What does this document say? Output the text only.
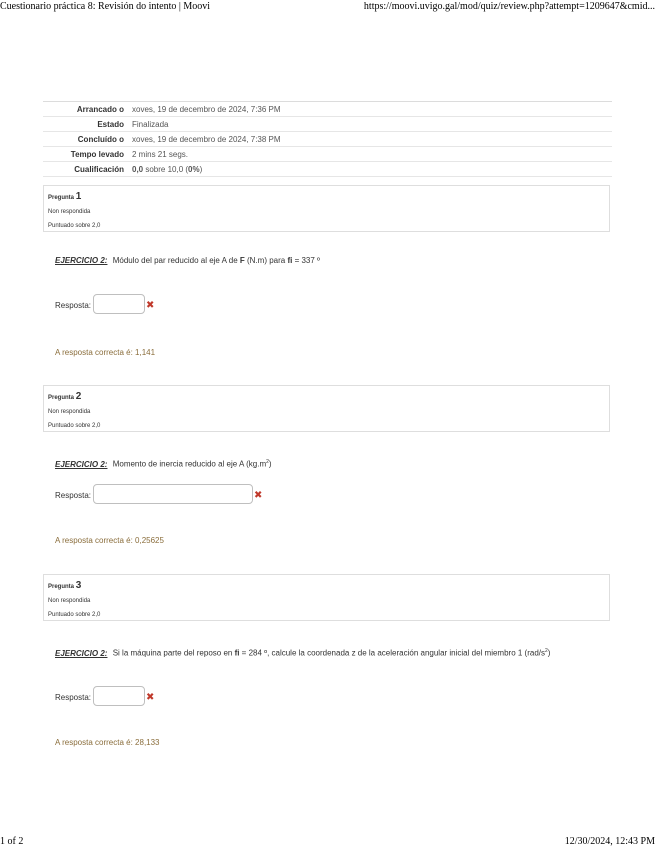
Cuestionario práctica 8: Revisión do intento | Moovi	https://moovi.uvigo.gal/mod/quiz/review.php?attempt=1209647&cmid...
Arrancado o	xoves, 19 de decembro de 2024, 7:36 PM
Estado	Finalizada
Concluído o	xoves, 19 de decembro de 2024, 7:38 PM
Tempo levado	2 mins 21 segs.
Cualificación	0,0 sobre 10,0 (0%)
Pregunta 1
Non respondida
Puntuado sobre 2,0
EJERCICIO 2: Módulo del par reducido al eje A de F (N.m) para fi = 337 º
Resposta:	✖
A resposta correcta é: 1,141
Pregunta 2
Non respondida
Puntuado sobre 2,0
EJERCICIO 2: Momento de inercia reducido al eje A $(kg.m^2)$
Resposta:	✖
A resposta correcta é: 0,25625
Pregunta 3
Non respondida
Puntuado sobre 2,0
EJERCICIO 2: Si la máquina parte del reposo en fi = 284 º, calcule la coordenada z de la aceleración angular inicial del miembro 1 $(rad/s^2)$
Resposta:	✖
A resposta correcta é: 28,133
1 of 2	12/30/2024, 12:43 PM
